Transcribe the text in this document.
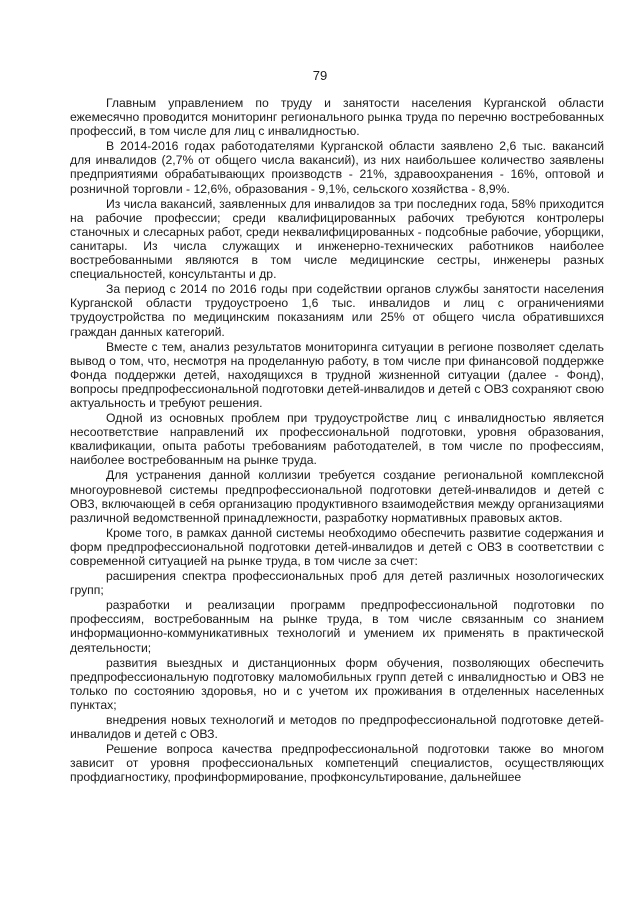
79

Главным управлением по труду и занятости населения Курганской области ежемесячно проводится мониторинг регионального рынка труда по перечню востребованных профессий, в том числе для лиц с инвалидностью.

В 2014-2016 годах работодателями Курганской области заявлено 2,6 тыс. вакансий для инвалидов (2,7% от общего числа вакансий), из них наибольшее количество заявлены предприятиями обрабатывающих производств - 21%, здравоохранения - 16%, оптовой и розничной торговли - 12,6%, образования - 9,1%, сельского хозяйства - 8,9%.

Из числа вакансий, заявленных для инвалидов за три последних года, 58% приходится на рабочие профессии; среди квалифицированных рабочих требуются контролеры станочных и слесарных работ, среди неквалифицированных - подсобные рабочие, уборщики, санитары. Из числа служащих и инженерно-технических работников наиболее востребованными являются в том числе медицинские сестры, инженеры разных специальностей, консультанты и др.

За период с 2014 по 2016 годы при содействии органов службы занятости населения Курганской области трудоустроено 1,6 тыс. инвалидов и лиц с ограничениями трудоустройства по медицинским показаниям или 25% от общего числа обратившихся граждан данных категорий.

Вместе с тем, анализ результатов мониторинга ситуации в регионе позволяет сделать вывод о том, что, несмотря на проделанную работу, в том числе при финансовой поддержке Фонда поддержки детей, находящихся в трудной жизненной ситуации (далее - Фонд), вопросы предпрофессиональной подготовки детей-инвалидов и детей с ОВЗ сохраняют свою актуальность и требуют решения.

Одной из основных проблем при трудоустройстве лиц с инвалидностью является несоответствие направлений их профессиональной подготовки, уровня образования, квалификации, опыта работы требованиям работодателей, в том числе по профессиям, наиболее востребованным на рынке труда.

Для устранения данной коллизии требуется создание региональной комплексной многоуровневой системы предпрофессиональной подготовки детей-инвалидов и детей с ОВЗ, включающей в себя организацию продуктивного взаимодействия между организациями различной ведомственной принадлежности, разработку нормативных правовых актов.

Кроме того, в рамках данной системы необходимо обеспечить развитие содержания и форм предпрофессиональной подготовки детей-инвалидов и детей с ОВЗ в соответствии с современной ситуацией на рынке труда, в том числе за счет:

расширения спектра профессиональных проб для детей различных нозологических групп;

разработки и реализации программ предпрофессиональной подготовки по профессиям, востребованным на рынке труда, в том числе связанным со знанием информационно-коммуникативных технологий и умением их применять в практической деятельности;

развития выездных и дистанционных форм обучения, позволяющих обеспечить предпрофессиональную подготовку маломобильных групп детей с инвалидностью и ОВЗ не только по состоянию здоровья, но и с учетом их проживания в отделенных населенных пунктах;

внедрения новых технологий и методов по предпрофессиональной подготовке детей-инвалидов и детей с ОВЗ.

Решение вопроса качества предпрофессиональной подготовки также во многом зависит от уровня профессиональных компетенций специалистов, осуществляющих профдиагностику, профинформирование, профконсультирование, дальнейшее
